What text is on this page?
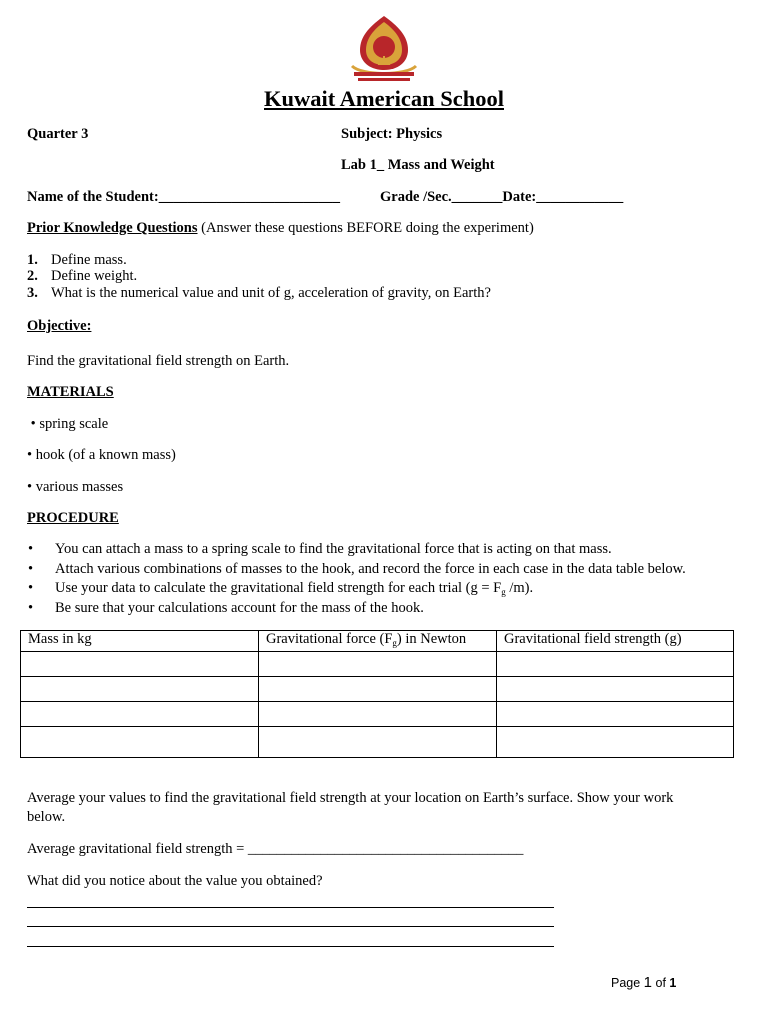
Kuwait American School
Quarter 3	Subject: Physics
Lab 1_ Mass and Weight
Name of the Student:_________________________	Grade /Sec._______Date:____________
Prior Knowledge Questions (Answer these questions BEFORE doing the experiment)
1. Define mass.
2. Define weight.
3. What is the numerical value and unit of g, acceleration of gravity, on Earth?
Objective:
Find the gravitational field strength on Earth.
MATERIALS
• spring scale
• hook (of a known mass)
• various masses
PROCEDURE
• You can attach a mass to a spring scale to find the gravitational force that is acting on that mass.
• Attach various combinations of masses to the hook, and record the force in each case in the data table below.
• Use your data to calculate the gravitational field strength for each trial ($g = F_g$ /m).
• Be sure that your calculations account for the mass of the hook.
Mass in kg	Gravitational force $(F_g)$ in Newton	Gravitational field strength (g)

Average your values to find the gravitational field strength at your location on Earth’s surface. Show your work
below.
Average gravitational field strength = ______________________________________
What did you notice about the value you obtained?
Page 1 of 1
